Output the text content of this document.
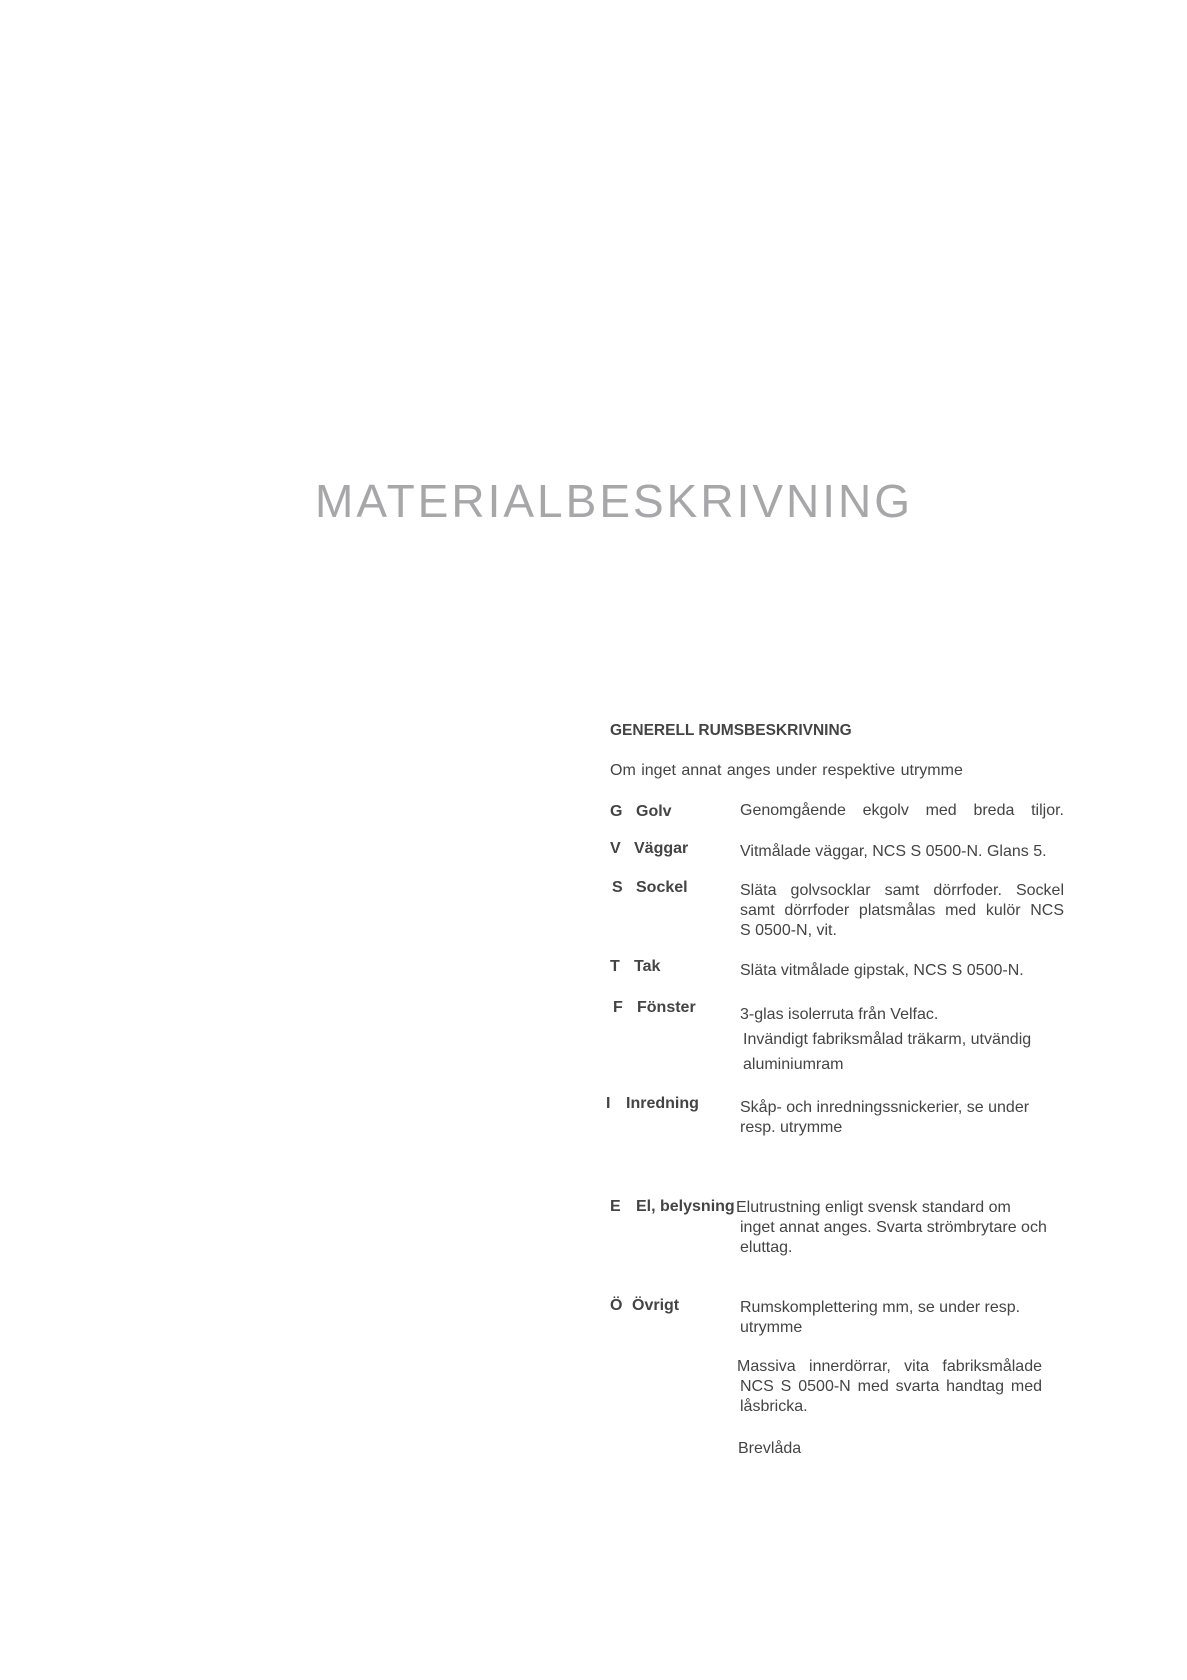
MATERIALBESKRIVNING
GENERELL RUMSBESKRIVNING
Om inget annat anges under respektive utrymme
G Golv	Genomgående ekgolv med breda tiljor.

V Väggar	Vitmålade väggar, NCS S 0500-N. Glans 5.

S Sockel	Släta golvsocklar samt dörrfoder. Sockel

samt dörrfoder platsmålas med kulör NCS

S 0500-N, vit.

T Tak	Släta vitmålade gipstak, NCS S 0500-N.

F Fönster	3-glas isolerruta från Velfac.

Invändigt fabriksmålad träkarm, utvändig

aluminiumram

I Inredning	Skåp- och inredningssnickerier, se under

resp. utrymme

E El, belysning Elutrustning enligt svensk standard om

inget annat anges. Svarta strömbrytare och

eluttag.

Ö Övrigt	Rumskomplettering mm, se under resp.

utrymme

Massiva innerdörrar, vita fabriksmålade

NCS S 0500-N med svarta handtag med

låsbricka.

Brevlåda
